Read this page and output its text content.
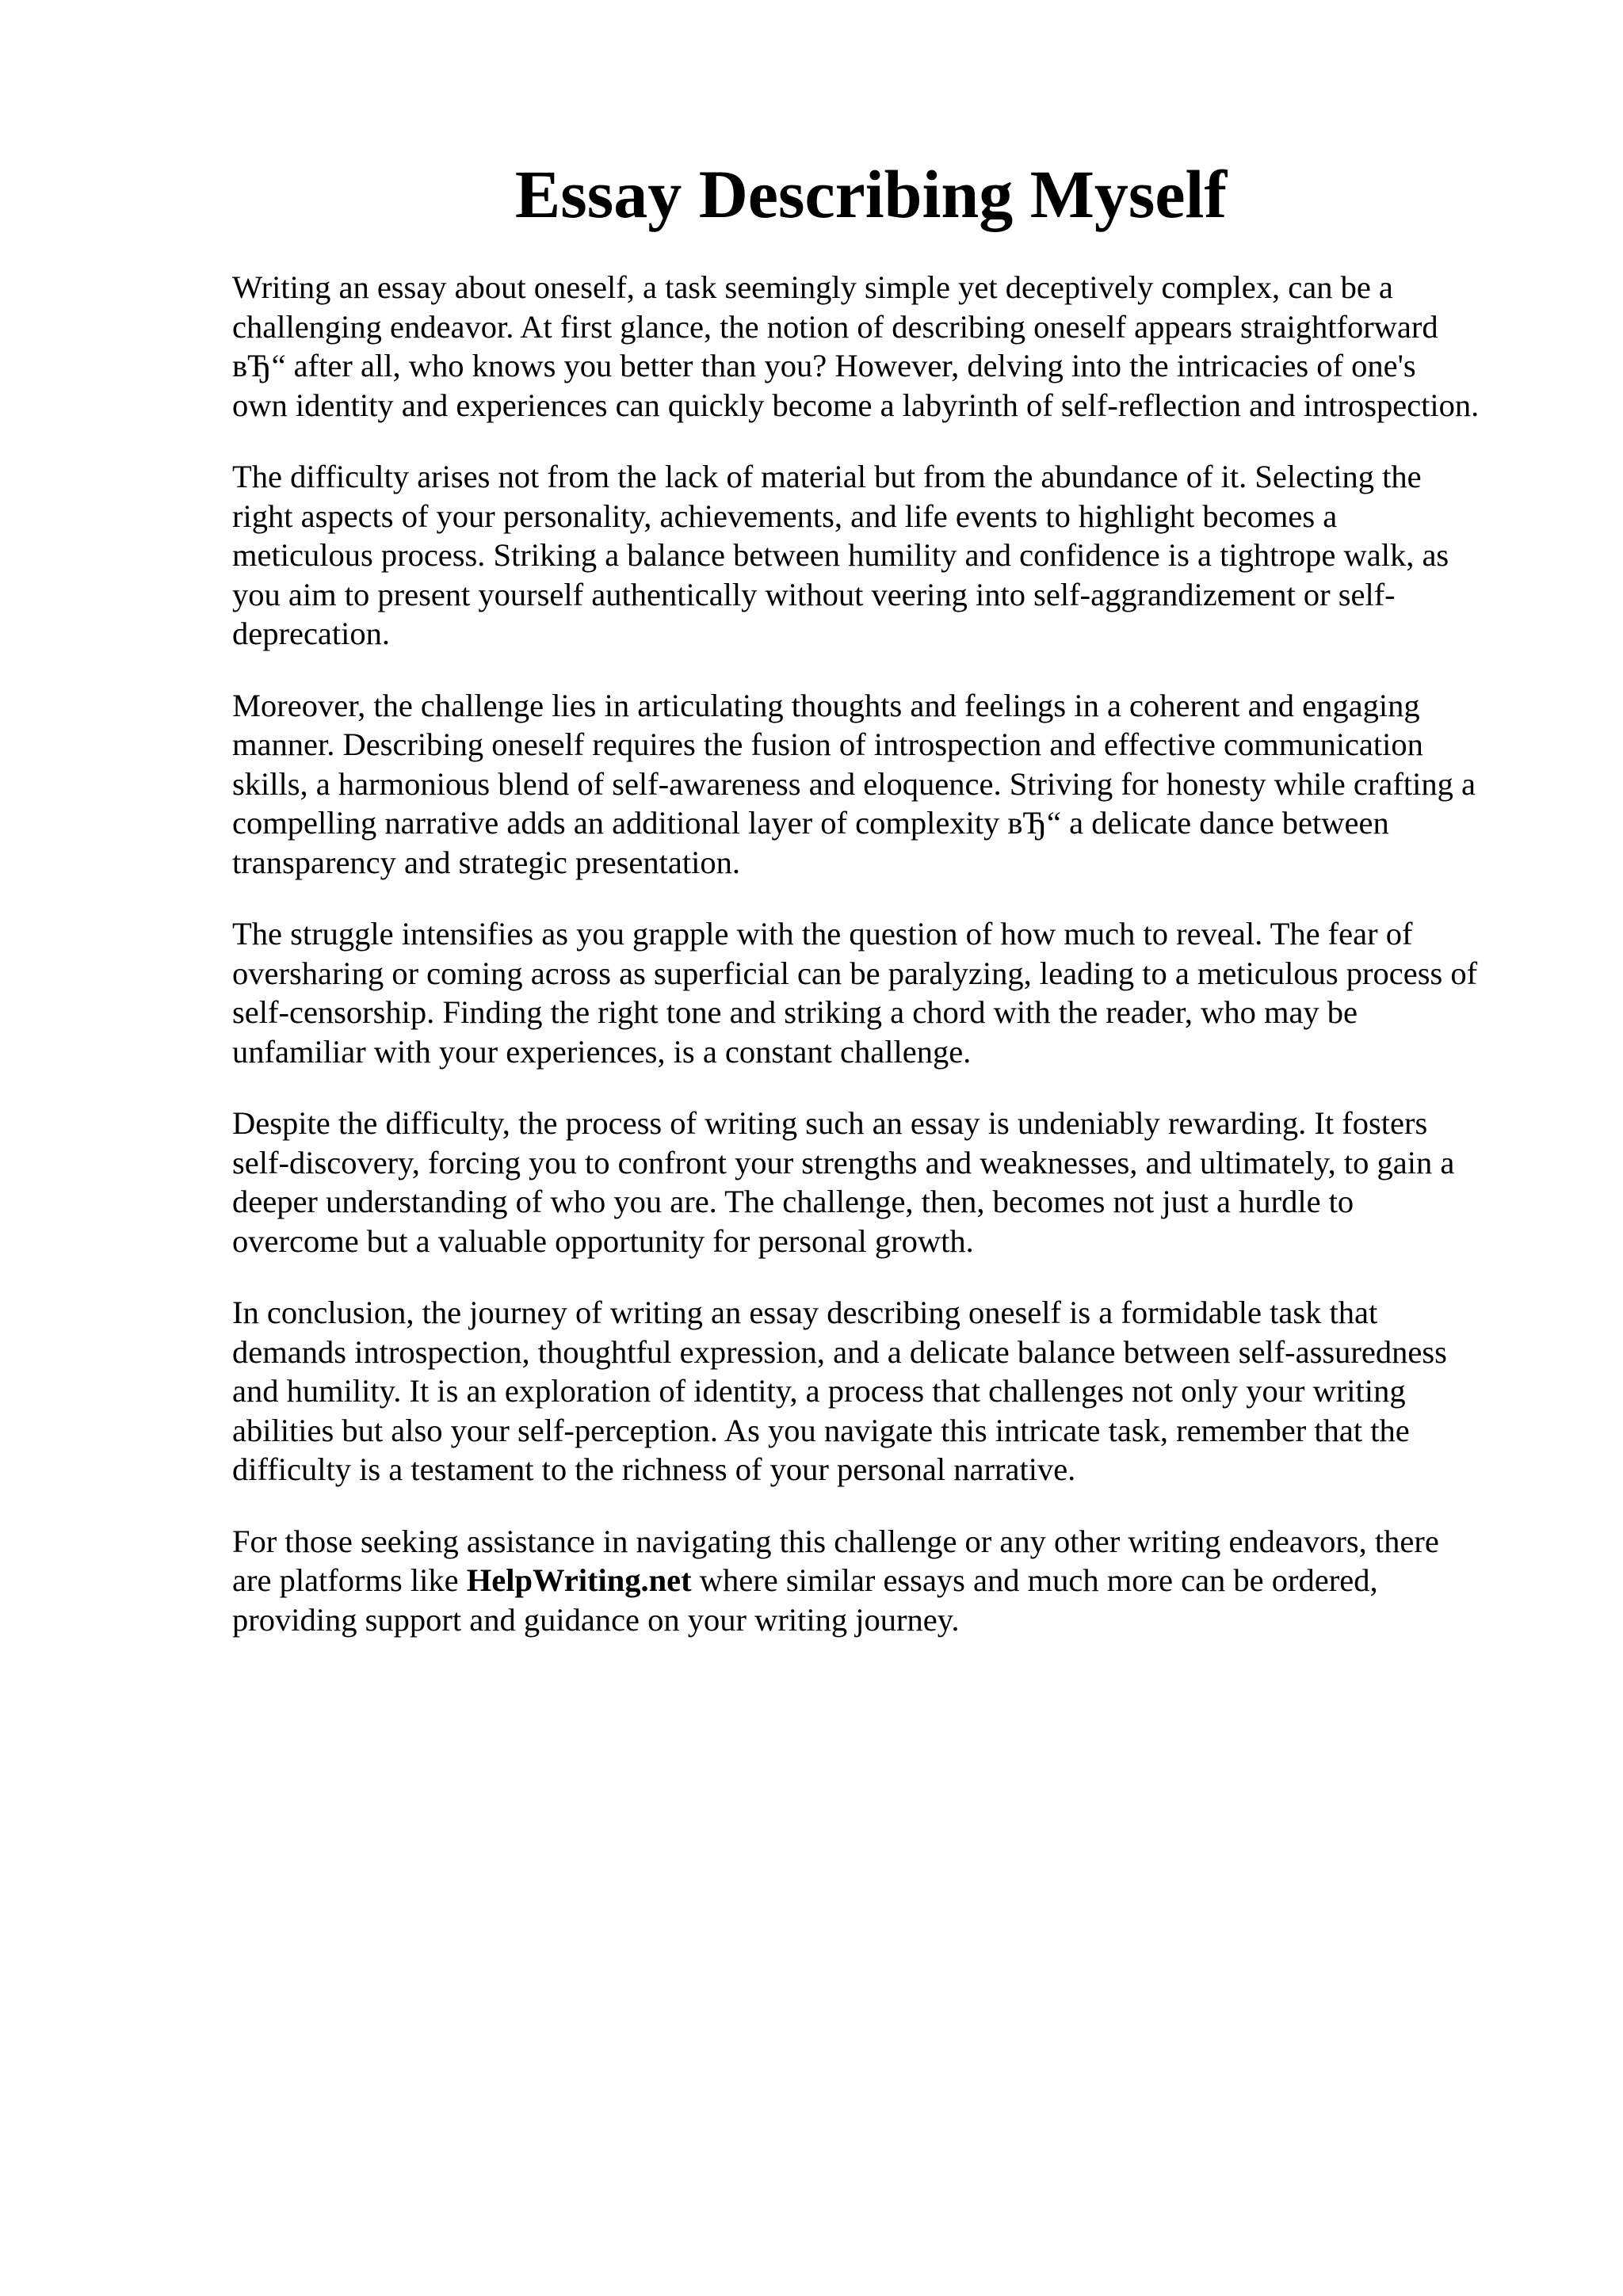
Essay Describing Myself

Writing an essay about oneself, a task seemingly simple yet deceptively complex, can be a
challenging endeavor. At first glance, the notion of describing oneself appears straightforward
вЂ“ after all, who knows you better than you? However, delving into the intricacies of one's
own identity and experiences can quickly become a labyrinth of self-reflection and introspection.

The difficulty arises not from the lack of material but from the abundance of it. Selecting the
right aspects of your personality, achievements, and life events to highlight becomes a
meticulous process. Striking a balance between humility and confidence is a tightrope walk, as
you aim to present yourself authentically without veering into self-aggrandizement or self-
deprecation.

Moreover, the challenge lies in articulating thoughts and feelings in a coherent and engaging
manner. Describing oneself requires the fusion of introspection and effective communication
skills, a harmonious blend of self-awareness and eloquence. Striving for honesty while crafting a
compelling narrative adds an additional layer of complexity вЂ“ a delicate dance between
transparency and strategic presentation.

The struggle intensifies as you grapple with the question of how much to reveal. The fear of
oversharing or coming across as superficial can be paralyzing, leading to a meticulous process of
self-censorship. Finding the right tone and striking a chord with the reader, who may be
unfamiliar with your experiences, is a constant challenge.

Despite the difficulty, the process of writing such an essay is undeniably rewarding. It fosters
self-discovery, forcing you to confront your strengths and weaknesses, and ultimately, to gain a
deeper understanding of who you are. The challenge, then, becomes not just a hurdle to
overcome but a valuable opportunity for personal growth.

In conclusion, the journey of writing an essay describing oneself is a formidable task that
demands introspection, thoughtful expression, and a delicate balance between self-assuredness
and humility. It is an exploration of identity, a process that challenges not only your writing
abilities but also your self-perception. As you navigate this intricate task, remember that the
difficulty is a testament to the richness of your personal narrative.

For those seeking assistance in navigating this challenge or any other writing endeavors, there
are platforms like HelpWriting.net where similar essays and much more can be ordered,
providing support and guidance on your writing journey.
